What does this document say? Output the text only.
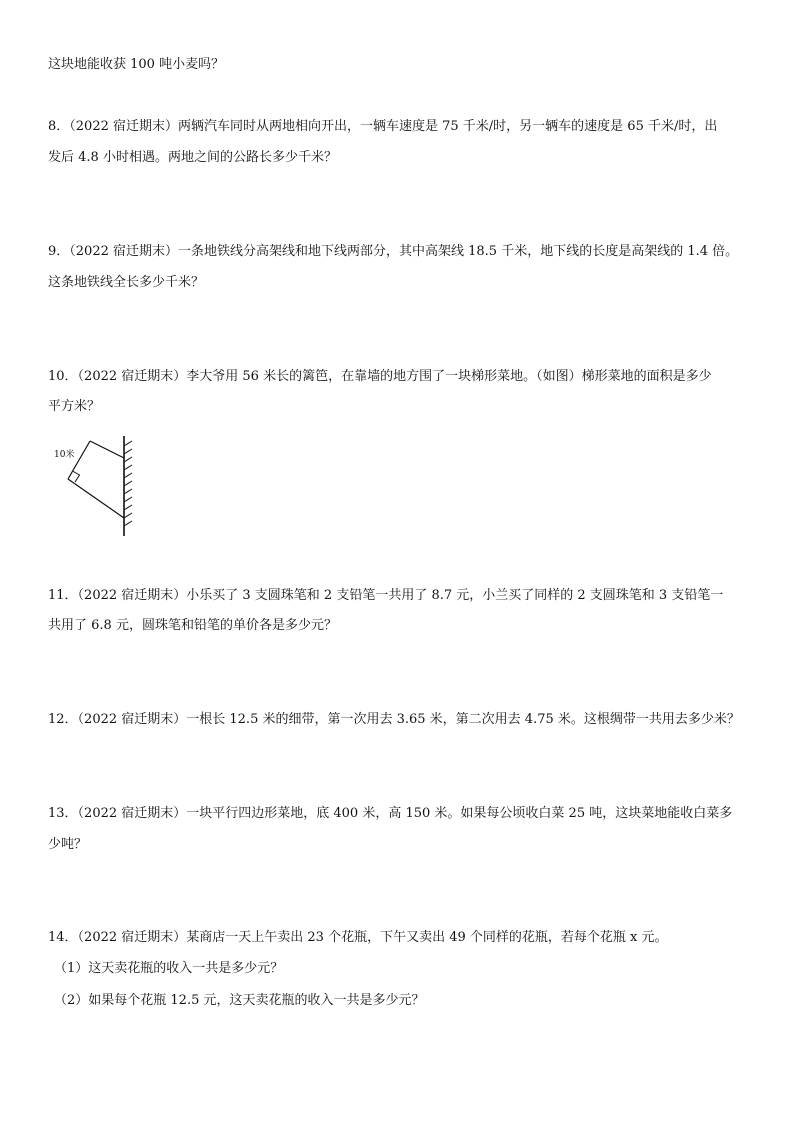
这块地能收获 100 吨小麦吗？
8．（2022 宿迁期末）两辆汽车同时从两地相向开出，一辆车速度是 75 千米/时，另一辆车的速度是 65 千米/时，出
发后 4.8 小时相遇。两地之间的公路长多少千米？
9．（2022 宿迁期末）一条地铁线分高架线和地下线两部分，其中高架线 18.5 千米，地下线的长度是高架线的 1.4 倍。
这条地铁线全长多少千米？
10．（2022 宿迁期末）李大爷用 56 米长的篱笆，在靠墙的地方围了一块梯形菜地。（如图）梯形菜地的面积是多少
平方米？
10米
11．（2022 宿迁期末）小乐买了 3 支圆珠笔和 2 支铅笔一共用了 8.7 元，小兰买了同样的 2 支圆珠笔和 3 支铅笔一
共用了 6.8 元，圆珠笔和铅笔的单价各是多少元？
12．（2022 宿迁期末）一根长 12.5 米的细带，第一次用去 3.65 米，第二次用去 4.75 米。这根绸带一共用去多少米？
13．（2022 宿迁期末）一块平行四边形菜地，底 400 米，高 150 米。如果每公顷收白菜 25 吨，这块菜地能收白菜多
少吨？
14．（2022 宿迁期末）某商店一天上午卖出 23 个花瓶，下午又卖出 49 个同样的花瓶，若每个花瓶 x 元。
（1）这天卖花瓶的收入一共是多少元？
（2）如果每个花瓶 12.5 元，这天卖花瓶的收入一共是多少元？
